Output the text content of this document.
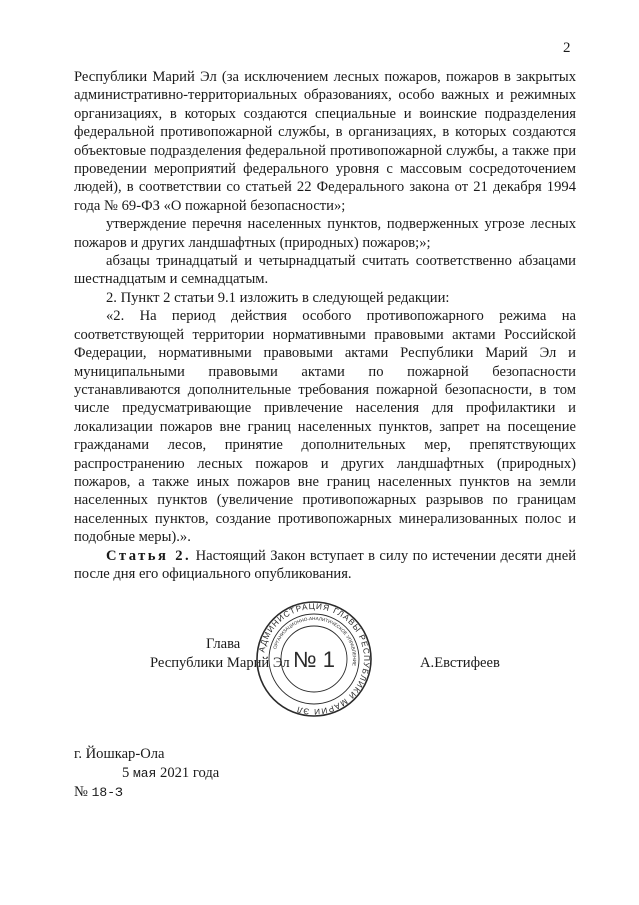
2

Республики Марий Эл (за исключением лесных пожаров, пожаров в закрытых административно-территориальных образованиях, особо важных и режимных организациях, в которых создаются специальные и воинские подразделения федеральной противопожарной службы, в организациях, в которых создаются объектовые подразделения федеральной противопожарной службы, а также при проведении мероприятий федерального уровня с массовым сосредоточением людей), в соответствии со статьей 22 Федерального закона от 21 декабря 1994 года № 69-ФЗ «О пожарной безопасности»;

утверждение перечня населенных пунктов, подверженных угрозе лесных пожаров и других ландшафтных (природных) пожаров;»;

абзацы тринадцатый и четырнадцатый считать соответственно абзацами шестнадцатым и семнадцатым.

2. Пункт 2 статьи 9.1 изложить в следующей редакции:

«2. На период действия особого противопожарного режима на соответствующей территории нормативными правовыми актами Российской Федерации, нормативными правовыми актами Республики Марий Эл и муниципальными правовыми актами по пожарной безопасности устанавливаются дополнительные требования пожарной безопасности, в том числе предусматривающие привлечение населения для профилактики и локализации пожаров вне границ населенных пунктов, запрет на посещение гражданами лесов, принятие дополнительных мер, препятствующих распространению лесных пожаров и других ландшафтных (природных) пожаров, а также иных пожаров вне границ населенных пунктов на земли населенных пунктов (увеличение противопожарных разрывов по границам населенных пунктов, создание противопожарных минерализованных полос и подобные меры).».

Статья 2. Настоящий Закон вступает в силу по истечении десяти дней после дня его официального опубликования.

Глава
Республики Марий Эл	А.Евстифеев
АДМИНИСТРАЦИЯ ГЛАВЫ РЕСПУБЛИКИ МАРИЙ ЭЛ
ОРГАНИЗАЦИОННО-АНАЛИТИЧЕСКОЕ УПРАВЛЕНИЕ
№ 1
г. Йошкар-Ола
5 мая 2021 года
№ 18-З
